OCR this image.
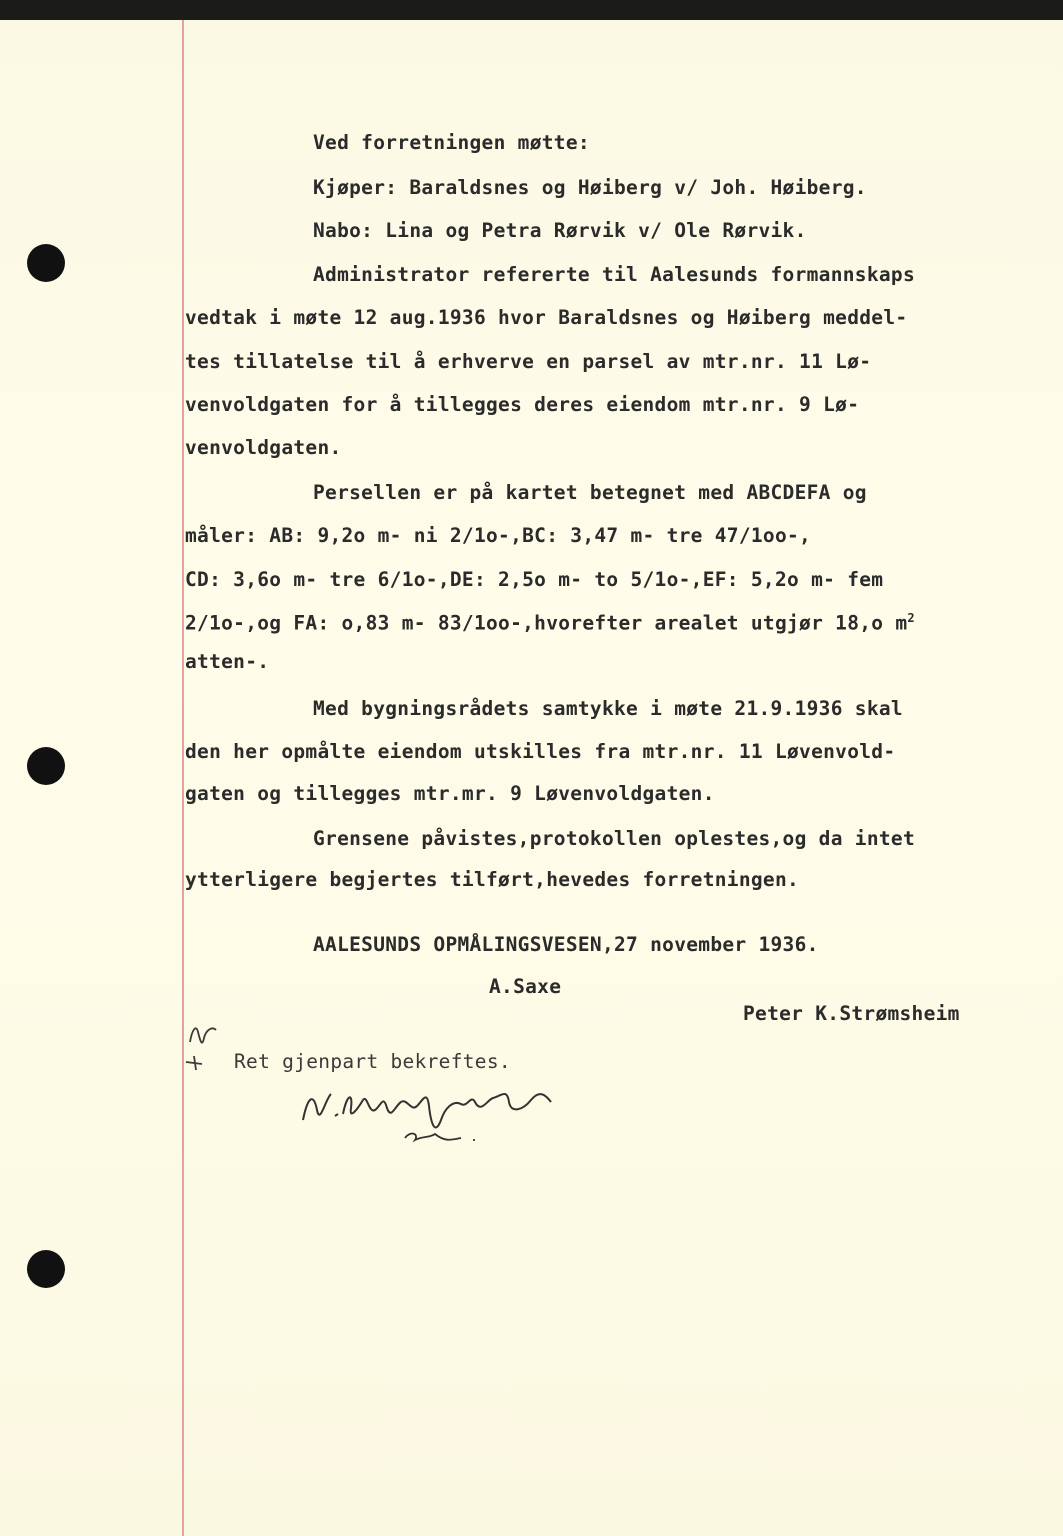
Ved forretningen møtte:
Kjøper: Baraldsnes og Høiberg v/ Joh. Høiberg.
Nabo: Lina og Petra Rørvik v/ Ole Rørvik.
Administrator refererte til Aalesunds formannskaps
vedtak i møte 12 aug.1936 hvor Baraldsnes og Høiberg meddel-
tes tillatelse til å erhverve en parsel av mtr.nr. 11 Lø-
venvoldgaten for å tillegges deres eiendom mtr.nr. 9 Lø-
venvoldgaten.
Persellen er på kartet betegnet med ABCDEFA og
måler: AB: 9,2o m- ni 2/1o-,BC: 3,47 m- tre 47/1oo-,
CD: 3,6o m- tre 6/1o-,DE: 2,5o m- to 5/1o-,EF: 5,2o m- fem
2/1o-,og FA: o,83 m- 83/1oo-,hvorefter arealet utgjør 18,o $m^2$
atten-.
Med bygningsrådets samtykke i møte 21.9.1936 skal
den her opmålte eiendom utskilles fra mtr.nr. 11 Løvenvold-
gaten og tillegges mtr.mr. 9 Løvenvoldgaten.
Grensene påvistes,protokollen oplestes,og da intet
ytterligere begjertes tilført,hevedes forretningen.
AALESUNDS OPMÅLINGSVESEN,27 november 1936.
A.Saxe
Peter K.Strømsheim
Ret gjenpart bekreftes.
